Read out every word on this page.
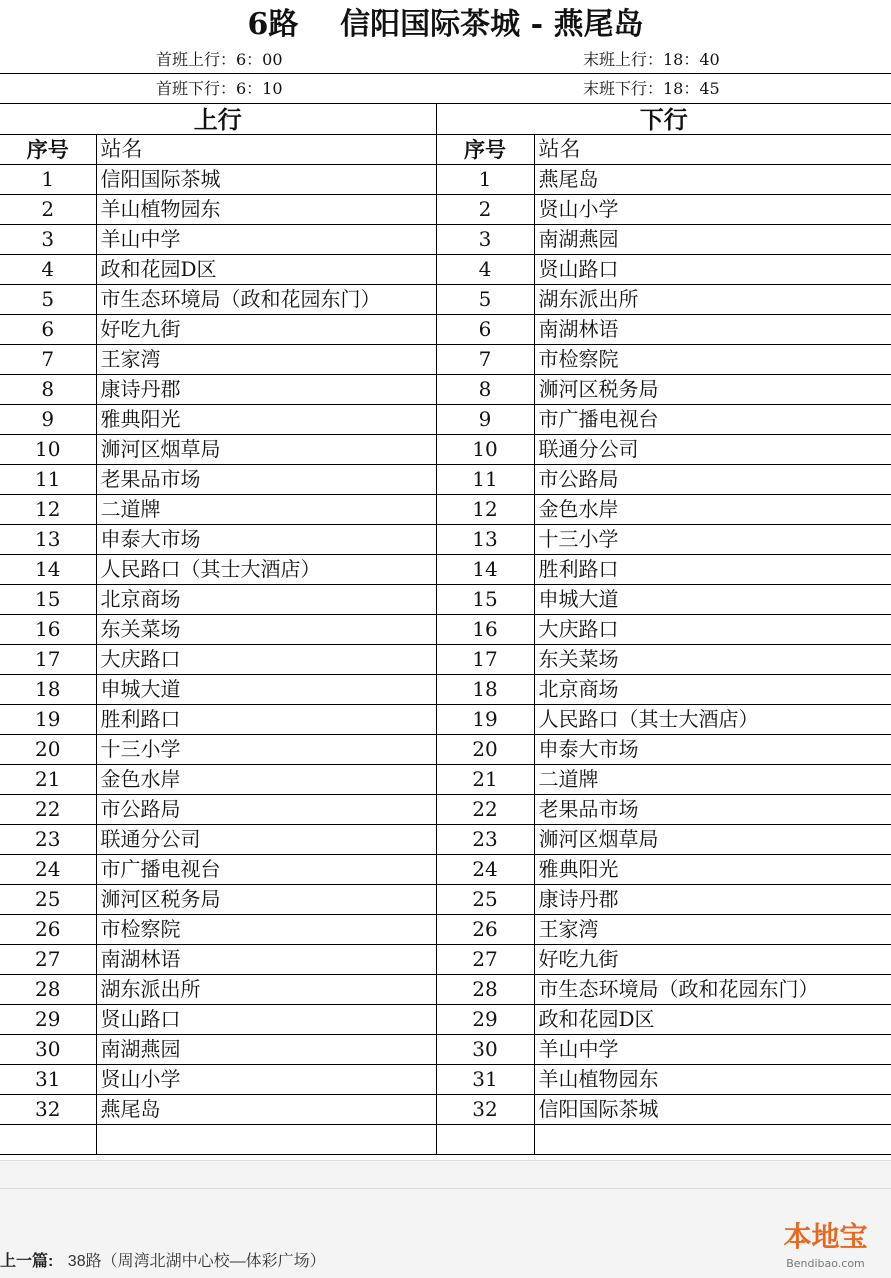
6路    信阳国际茶城 - 燕尾岛
首班上行：6：00	末班上行：18：40
首班下行：6：10	末班下行：18：45
上行		下行	
序号	站名	序号	站名
1	信阳国际茶城	1	燕尾岛
2	羊山植物园东	2	贤山小学
3	羊山中学	3	南湖燕园
4	政和花园D区	4	贤山路口
5	市生态环境局（政和花园东门）	5	湖东派出所
6	好吃九街	6	南湖林语
7	王家湾	7	市检察院
8	康诗丹郡	8	浉河区税务局
9	雅典阳光	9	市广播电视台
10	浉河区烟草局	10	联通分公司
11	老果品市场	11	市公路局
12	二道牌	12	金色水岸
13	申泰大市场	13	十三小学
14	人民路口（其士大酒店）	14	胜利路口
15	北京商场	15	申城大道
16	东关菜场	16	大庆路口
17	大庆路口	17	东关菜场
18	申城大道	18	北京商场
19	胜利路口	19	人民路口（其士大酒店）
20	十三小学	20	申泰大市场
21	金色水岸	21	二道牌
22	市公路局	22	老果品市场
23	联通分公司	23	浉河区烟草局
24	市广播电视台	24	雅典阳光
25	浉河区税务局	25	康诗丹郡
26	市检察院	26	王家湾
27	南湖林语	27	好吃九街
28	湖东派出所	28	市生态环境局（政和花园东门）
29	贤山路口	29	政和花园D区
30	南湖燕园	30	羊山中学
31	贤山小学	31	羊山植物园东
32	燕尾岛	32	信阳国际茶城

上一篇: 38路（周湾北湖中心校—体彩广场）
本地宝
Bendibao.com
